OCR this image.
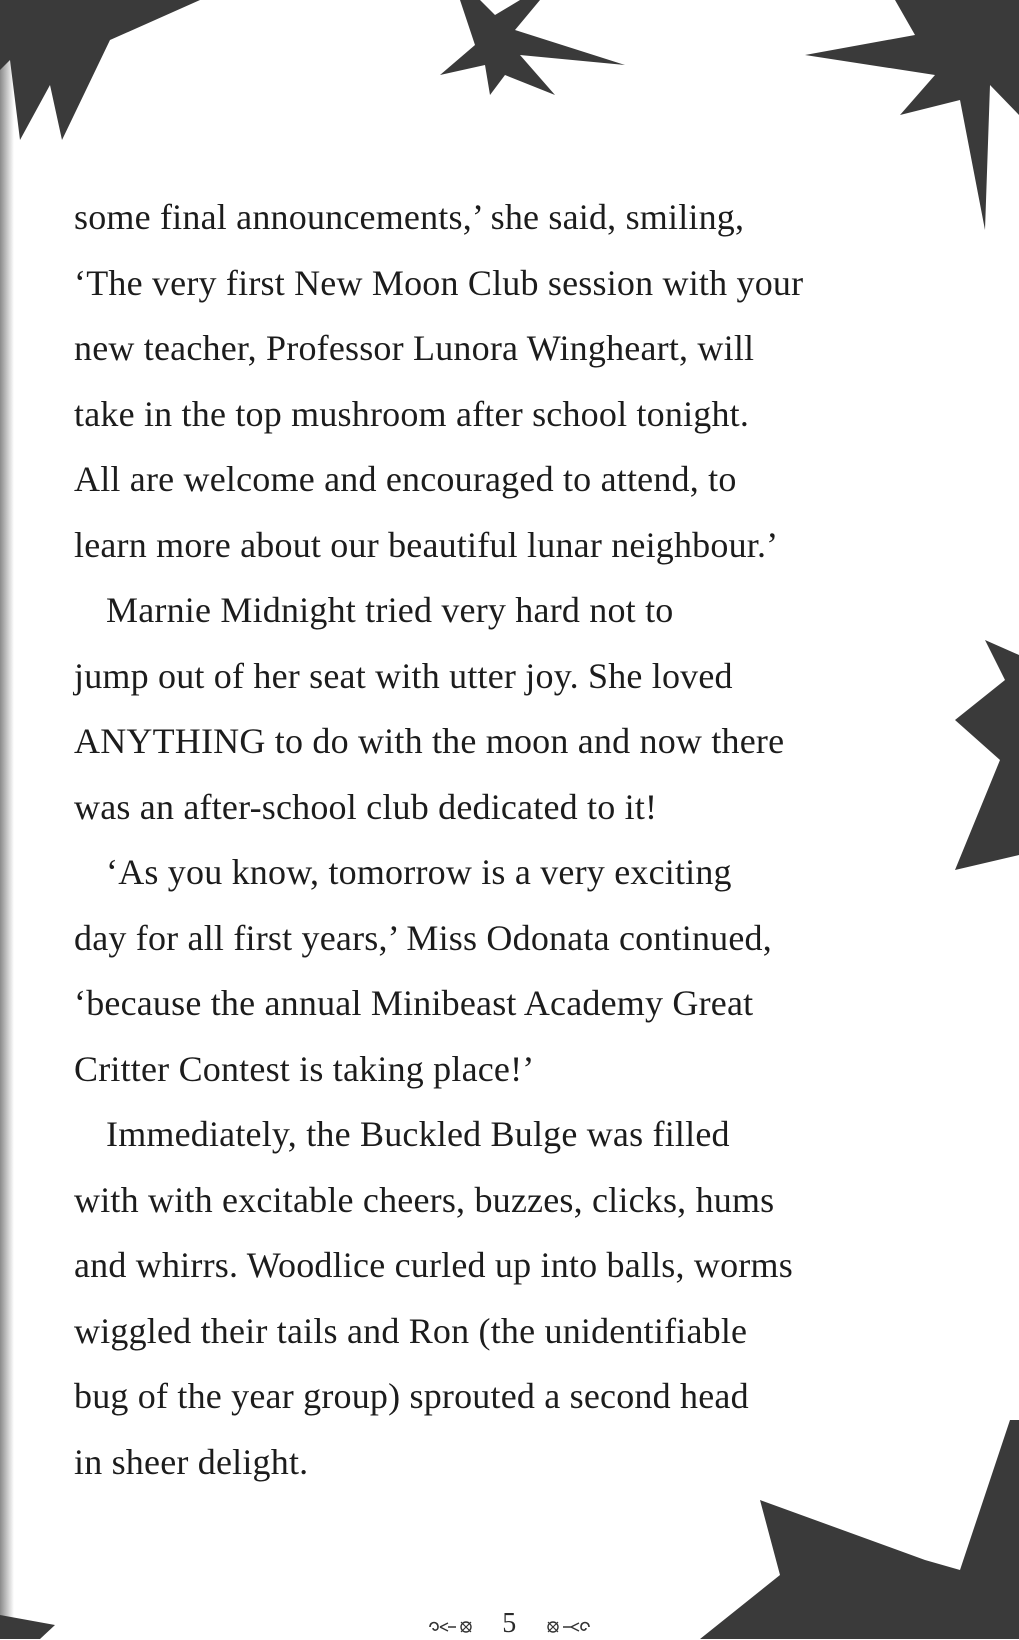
some final announcements,’ she said, smiling,

‘The very first New Moon Club session with your

new teacher, Professor Lunora Wingheart, will

take in the top mushroom after school tonight.

All are welcome and encouraged to attend, to

learn more about our beautiful lunar neighbour.’

Marnie Midnight tried very hard not to

jump out of her seat with utter joy. She loved

ANYTHING to do with the moon and now there

was an after-school club dedicated to it!

‘As you know, tomorrow is a very exciting

day for all first years,’ Miss Odonata continued,

‘because the annual Minibeast Academy Great

Critter Contest is taking place!’

Immediately, the Buckled Bulge was filled

with with excitable cheers, buzzes, clicks, hums

and whirrs. Woodlice curled up into balls, worms

wiggled their tails and Ron (the unidentifiable

bug of the year group) sprouted a second head

in sheer delight.

5
